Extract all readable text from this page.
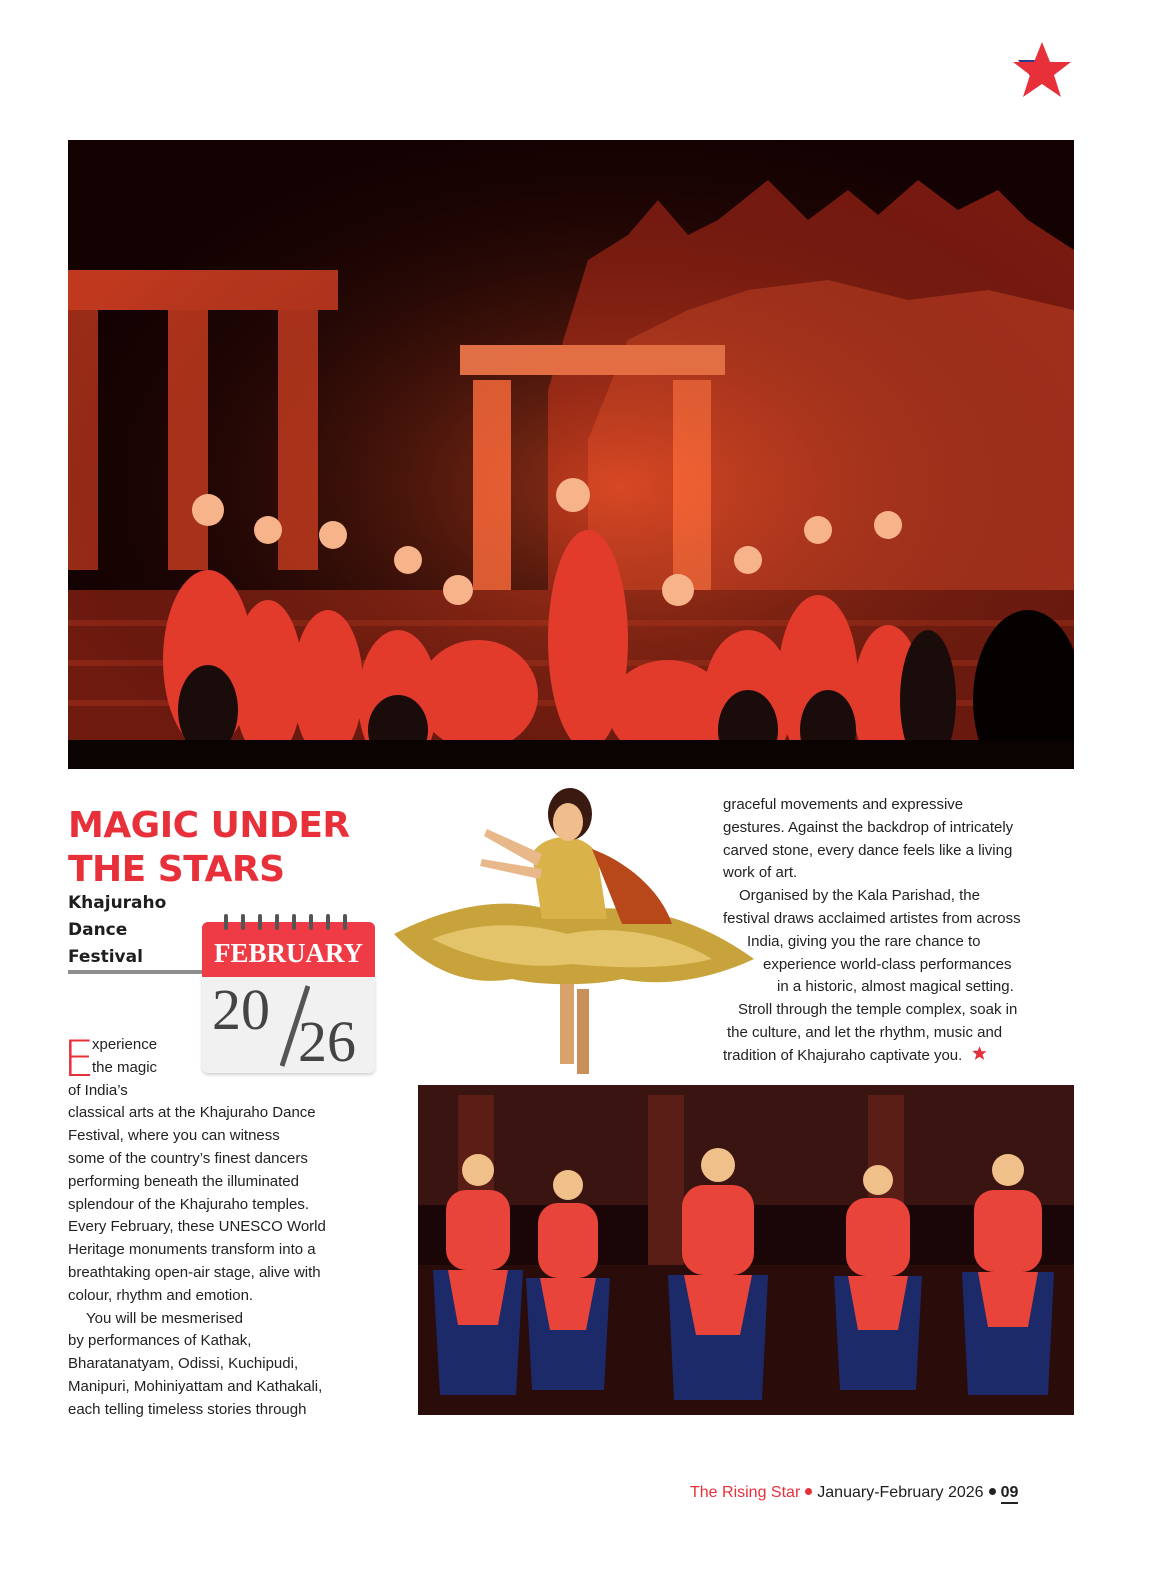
MAGIC UNDER
THE STARS
Khajuraho
Dance
Festival	FEBRUARY
20 26
E
xperience
the magic
of India’s
classical arts at the Khajuraho Dance
Festival, where you can witness
some of the country’s finest dancers
performing beneath the illuminated
splendour of the Khajuraho temples.
Every February, these UNESCO World
Heritage monuments transform into a
breathtaking open-air stage, alive with
colour, rhythm and emotion.
You will be mesmerised
by performances of Kathak,
Bharatanatyam, Odissi, Kuchipudi,
Manipuri, Mohiniyattam and Kathakali,
each telling timeless stories through
graceful movements and expressive
gestures. Against the backdrop of intricately
carved stone, every dance feels like a living
work of art.
Organised by the Kala Parishad, the
festival draws acclaimed artistes from across
India, giving you the rare chance to
experience world-class performances
in a historic, almost magical setting.
Stroll through the temple complex, soak in
the culture, and let the rhythm, music and
tradition of Khajuraho captivate you.
The Rising Star January-February 2026 09
